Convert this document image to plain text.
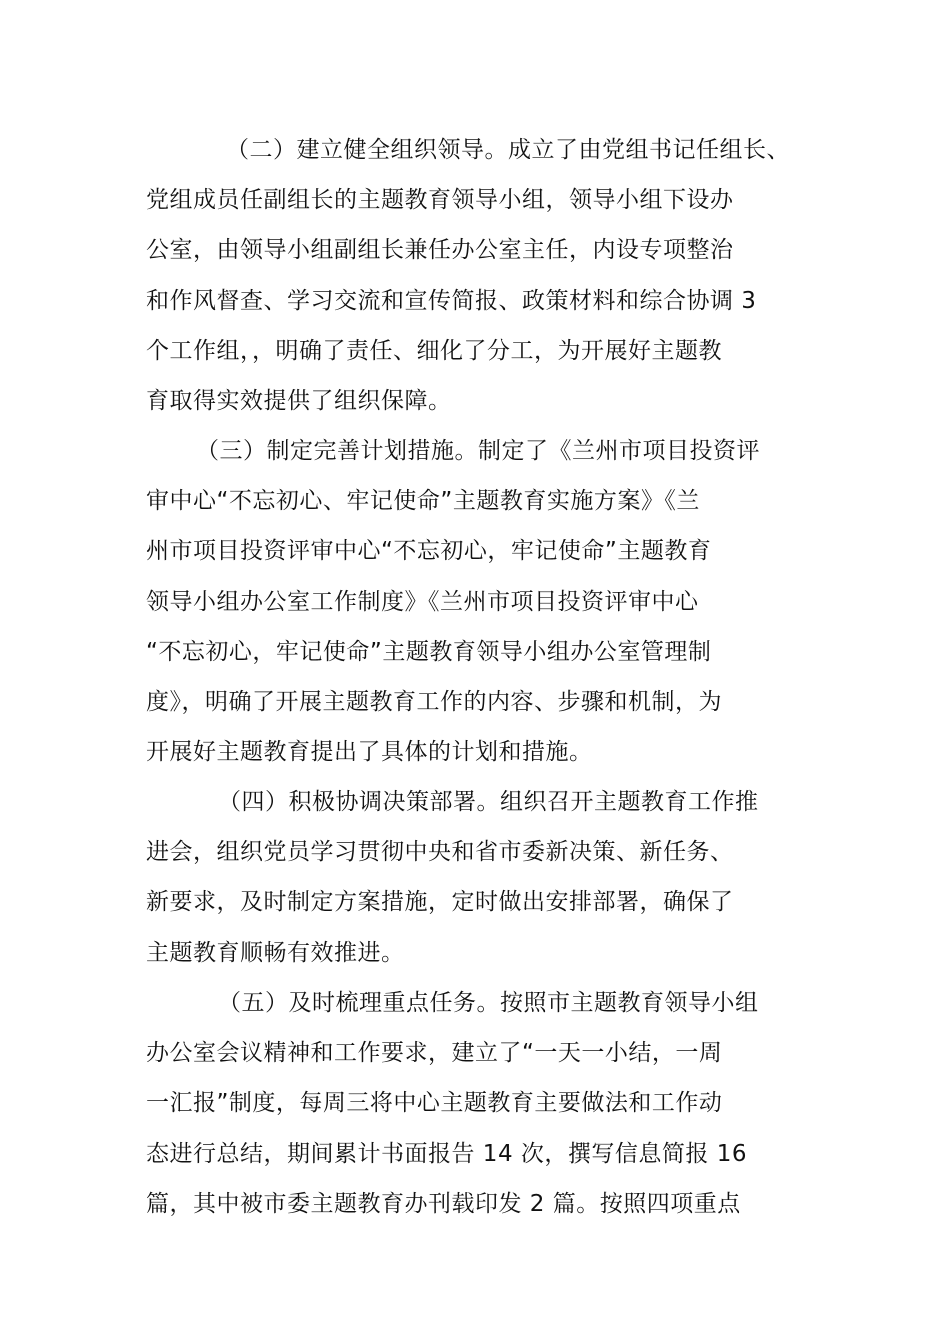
（二）建立健全组织领导。成立了由党组书记任组长、
党组成员任副组长的主题教育领导小组，领导小组下设办
公室，由领导小组副组长兼任办公室主任，内设专项整治
和作风督查、学习交流和宣传简报、政策材料和综合协调 3
个工作组，，明确了责任、细化了分工，为开展好主题教
育取得实效提供了组织保障。
（三）制定完善计划措施。制定了《兰州市项目投资评
审中心“不忘初心、牢记使命”主题教育实施方案》《兰
州市项目投资评审中心“不忘初心，牢记使命”主题教育
领导小组办公室工作制度》《兰州市项目投资评审中心
“不忘初心，牢记使命”主题教育领导小组办公室管理制
度》，明确了开展主题教育工作的内容、步骤和机制，为
开展好主题教育提出了具体的计划和措施。
（四）积极协调决策部署。组织召开主题教育工作推
进会，组织党员学习贯彻中央和省市委新决策、新任务、
新要求，及时制定方案措施，定时做出安排部署，确保了
主题教育顺畅有效推进。
（五）及时梳理重点任务。按照市主题教育领导小组
办公室会议精神和工作要求，建立了“一天一小结，一周
一汇报”制度，每周三将中心主题教育主要做法和工作动
态进行总结，期间累计书面报告 14 次，撰写信息简报 16
篇，其中被市委主题教育办刊载印发 2 篇。按照四项重点
